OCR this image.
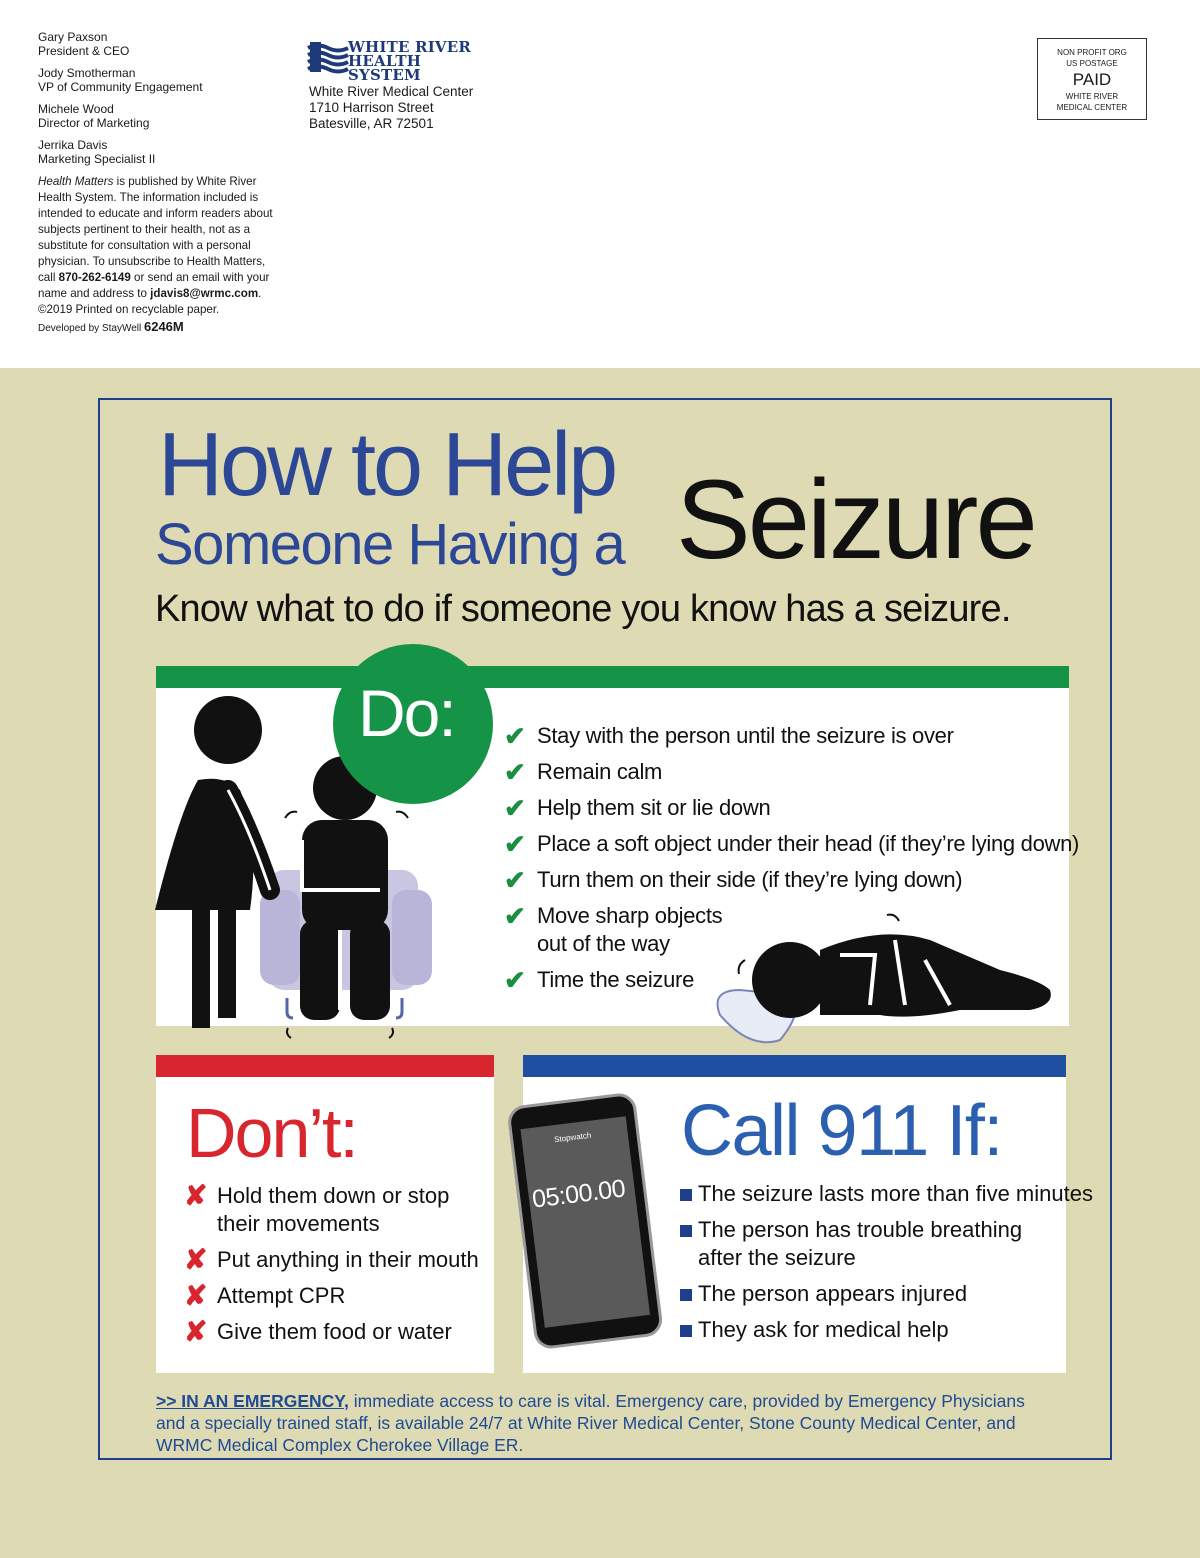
Gary Paxson
President & CEO
Jody Smotherman
VP of Community Engagement
Michele Wood
Director of Marketing
Jerrika Davis
Marketing Specialist II
Health Matters is published by White River Health System. The information included is intended to educate and inform readers about subjects pertinent to their health, not as a substitute for consultation with a personal physician. To unsubscribe to Health Matters, call 870-262-6149 or send an email with your name and address to jdavis8@wrmc.com.
©2019 Printed on recyclable paper.
Developed by StayWell 6246M
WHITE RIVER
HEALTH SYSTEM
White River Medical Center
1710 Harrison Street
Batesville, AR 72501
NON PROFIT ORG
US POSTAGE
PAID
WHITE RIVER
MEDICAL CENTER
How to Help
Someone Having a Seizure
Know what to do if someone you know has a seizure.
Do: ✔ Stay with the person until the seizure is over
✔ Remain calm
✔ Help them sit or lie down
✔ Place a soft object under their head (if they’re lying down)
✔ Turn them on their side (if they’re lying down)
✔ Move sharp objects
out of the way
✔ Time the seizure
Don’t:
✘ Hold them down or stop
their movements
✘ Put anything in their mouth
✘ Attempt CPR
✘ Give them food or water
Stopwatch
05:00.00
Call 911 If:
The seizure lasts more than five minutes
The person has trouble breathing
after the seizure
The person appears injured
They ask for medical help
>> IN AN EMERGENCY, immediate access to care is vital. Emergency care, provided by Emergency Physicians and a specially trained staff, is available 24/7 at White River Medical Center, Stone County Medical Center, and WRMC Medical Complex Cherokee Village ER.
